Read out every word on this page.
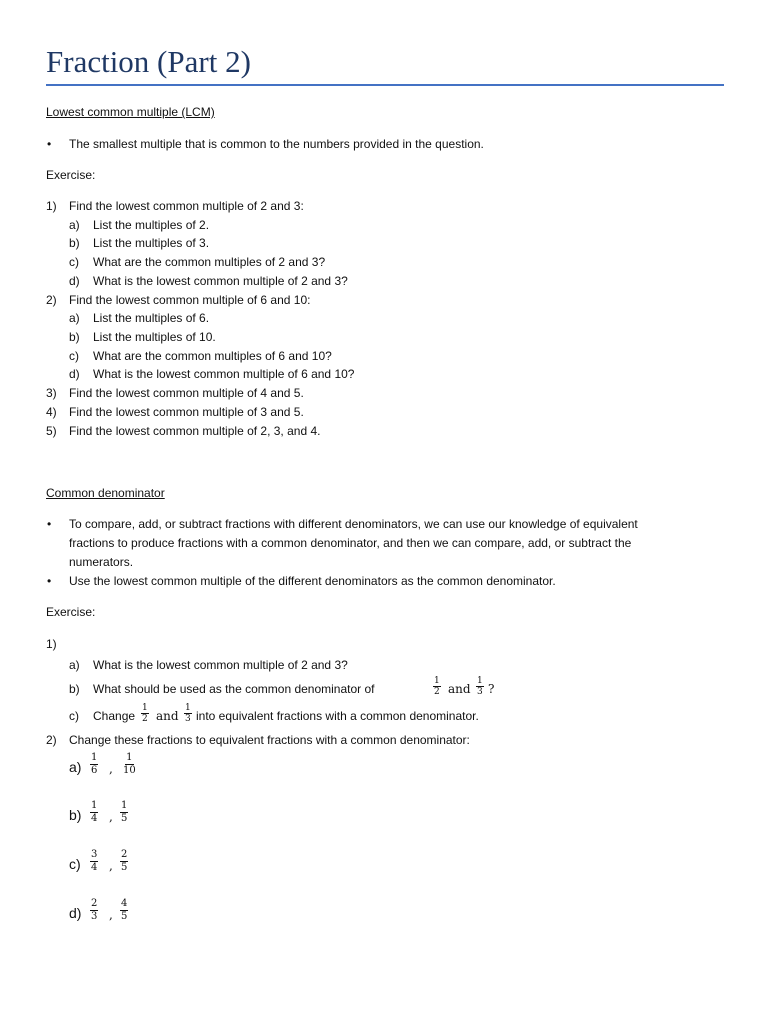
Fraction (Part 2)
Lowest common multiple (LCM)
• The smallest multiple that is common to the numbers provided in the question.
Exercise:
1) Find the lowest common multiple of 2 and 3:
a) List the multiples of 2.
b) List the multiples of 3.
c) What are the common multiples of 2 and 3?
d) What is the lowest common multiple of 2 and 3?
2) Find the lowest common multiple of 6 and 10:
a) List the multiples of 6.
b) List the multiples of 10.
c) What are the common multiples of 6 and 10?
d) What is the lowest common multiple of 6 and 10?
3) Find the lowest common multiple of 4 and 5.
4) Find the lowest common multiple of 3 and 5.
5) Find the lowest common multiple of 2, 3, and 4.
Common denominator
• To compare, add, or subtract fractions with different denominators, we can use our knowledge of equivalent
fractions to produce fractions with a common denominator, and then we can compare, add, or subtract the
numerators.
• Use the lowest common multiple of the different denominators as the common denominator.
Exercise:
1)
a) What is the lowest common multiple of 2 and 3?
b) What should be used as the common denominator of	$\frac{1}{2}$ and $\frac{1}{3}$ ?
c) Change $\frac{1}{2}$ and $\frac{1}{3}$ into equivalent fractions with a common denominator.
2) Change these fractions to equivalent fractions with a common denominator:
$a) \frac{1}{6}$ , $\frac{1}{10}$
$b) \frac{1}{4}$ , $\frac{1}{5}$
$c) \frac{3}{4}$ , $\frac{2}{5}$
$d) \frac{2}{3}$ , $\frac{4}{5}$
